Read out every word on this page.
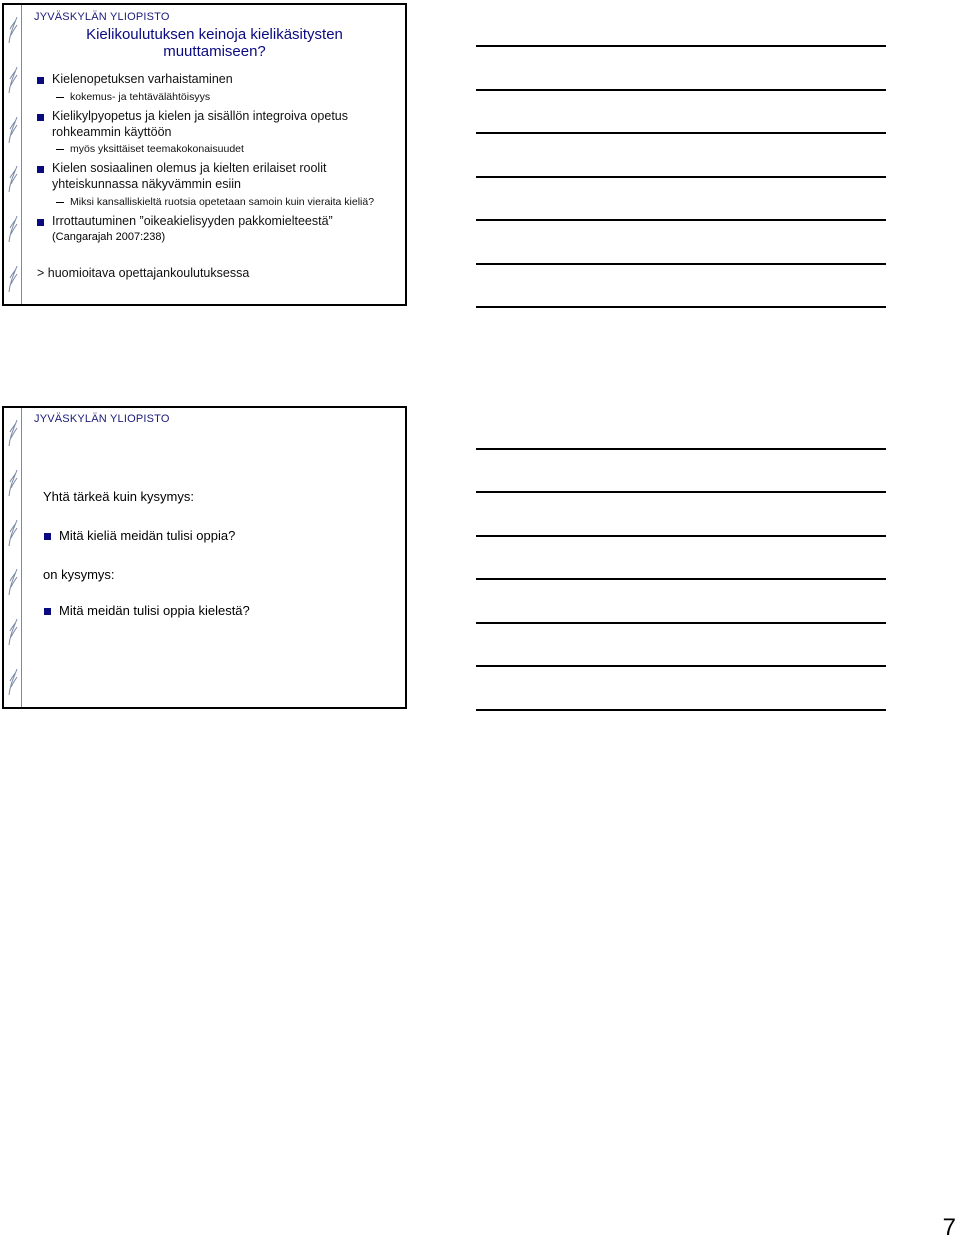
JYVÄSKYLÄN YLIOPISTO
Kielikoulutuksen keinoja kielikäsitysten
muuttamiseen?
Kielenopetuksen varhaistaminen
kokemus- ja tehtävälähtöisyys
Kielikylpyopetus ja kielen ja sisällön integroiva opetus
rohkeammin käyttöön
myös yksittäiset teemakokonaisuudet
Kielen sosiaalinen olemus ja kielten erilaiset roolit
yhteiskunnassa näkyvämmin esiin
Miksi kansalliskieltä ruotsia opetetaan samoin kuin vieraita kieliä?
Irrottautuminen ”oikeakielisyyden pakkomielteestä”
(Cangarajah 2007:238)
> huomioitava opettajankoulutuksessa
JYVÄSKYLÄN YLIOPISTO
Yhtä tärkeä kuin kysymys:
Mitä kieliä meidän tulisi oppia?
on kysymys:
Mitä meidän tulisi oppia kielestä?
7
